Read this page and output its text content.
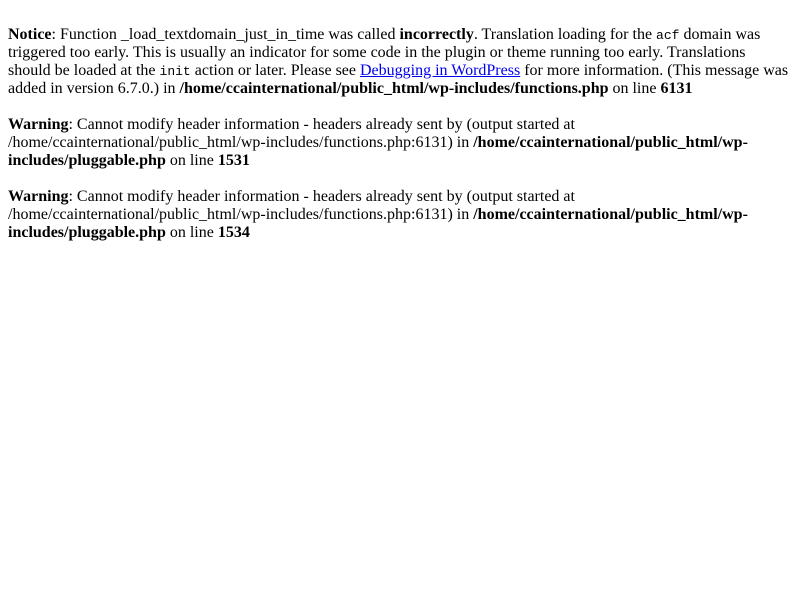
Notice: Function _load_textdomain_just_in_time was called incorrectly. Translation loading for the acf domain was triggered too early. This is usually an indicator for some code in the plugin or theme running too early. Translations should be loaded at the init action or later. Please see Debugging in WordPress for more information. (This message was added in version 6.7.0.) in /home/ccainternational/public_html/wp-includes/functions.php on line 6131

Warning: Cannot modify header information - headers already sent by (output started at /home/ccainternational/public_html/wp-includes/functions.php:6131) in /home/ccainternational/public_html/wp-includes/pluggable.php on line 1531

Warning: Cannot modify header information - headers already sent by (output started at /home/ccainternational/public_html/wp-includes/functions.php:6131) in /home/ccainternational/public_html/wp-includes/pluggable.php on line 1534
